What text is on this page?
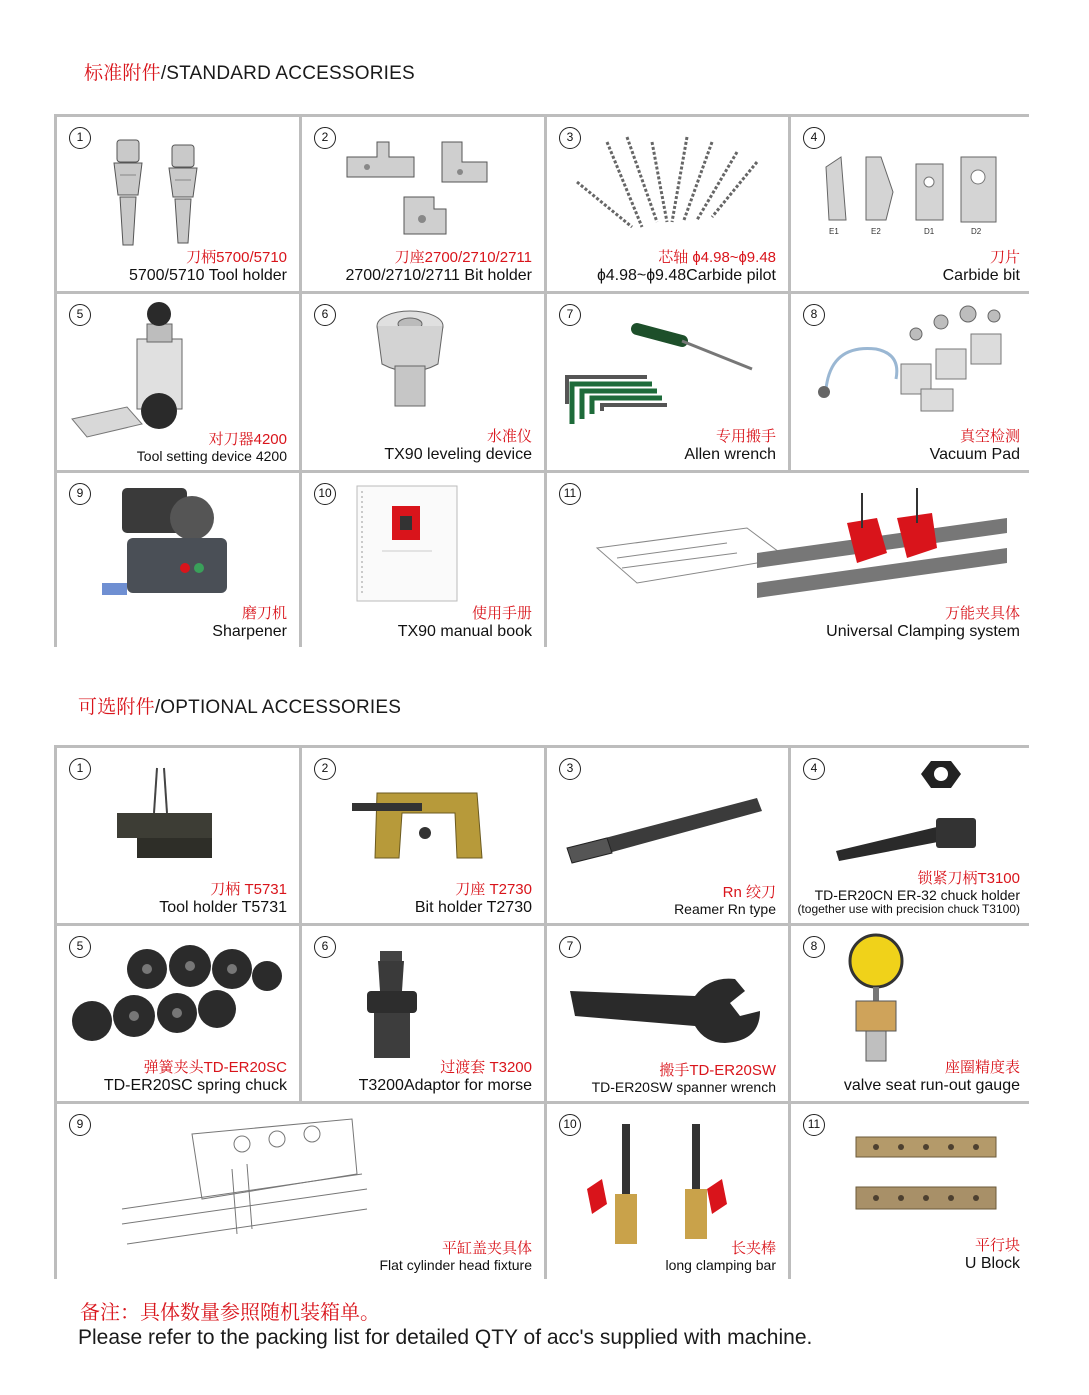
标准附件/STANDARD ACCESSORIES
1
刀柄5700/5710
5700/5710 Tool holder
2
刀座2700/2710/2711
2700/2710/2711 Bit holder
3
芯轴 ɸ4.98~ɸ9.48
ɸ4.98~ɸ9.48Carbide pilot
4
E1	E2	D1	D2
刀片
Carbide bit
5
对刀器4200
Tool setting device 4200
6
水准仪
TX90 leveling device
7
专用搬手
Allen wrench
8
真空检测
Vacuum Pad
9
磨刀机
Sharpener
10
使用手册
TX90 manual book
11
万能夹具体
Universal Clamping system
可选附件/OPTIONAL ACCESSORIES
1
刀柄 T5731
Tool holder T5731
2
刀座 T2730
Bit holder T2730
3
Rn 绞刀
Reamer Rn type
4
锁紧刀柄T3100
TD-ER20CN ER-32 chuck holder
(together use with precision chuck T3100)
5
弹簧夹头TD-ER20SC
TD-ER20SC spring chuck
6
过渡套 T3200
T3200Adaptor for morse
7
搬手TD-ER20SW
TD-ER20SW spanner wrench
8
座圈精度表
valve seat run-out gauge
9
平缸盖夹具体
Flat cylinder head fixture
10
长夹棒
long clamping bar
11
平行块
U Block
备注：具体数量参照随机装箱单。
Please refer to the packing list for detailed QTY of acc's supplied with machine.
